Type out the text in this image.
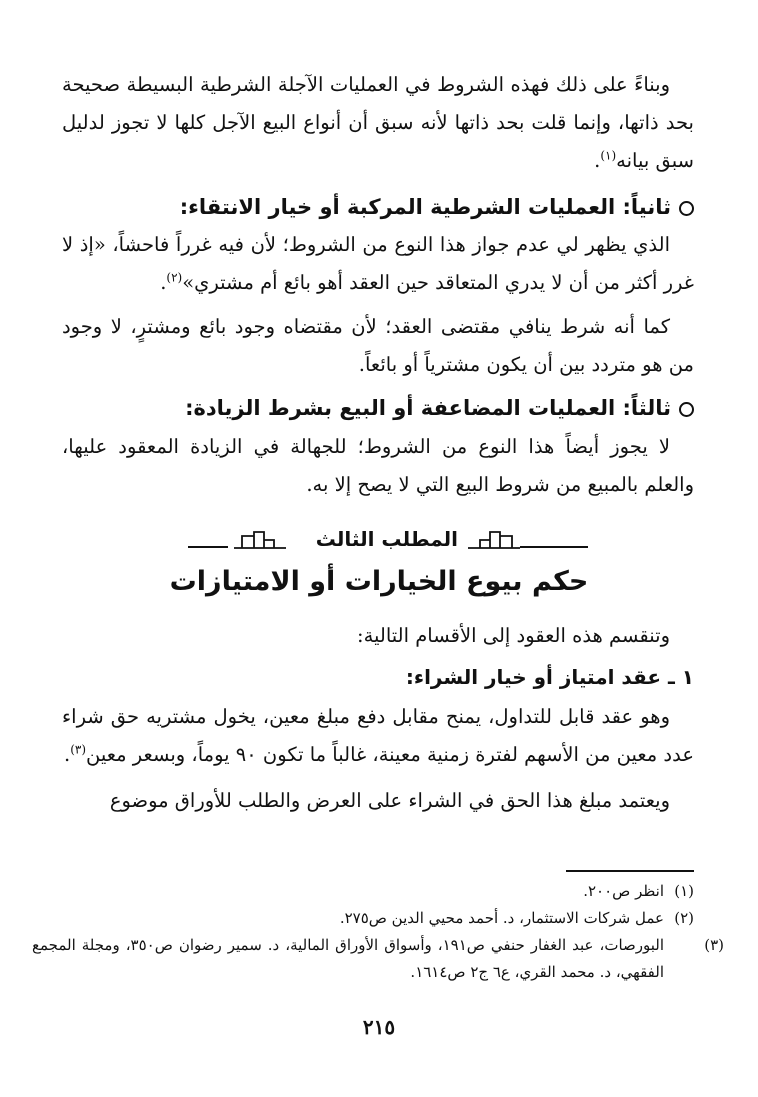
وبناءً على ذلك فهذه الشروط في العمليات الآجلة الشرطية البسيطة صحيحة بحد ذاتها، وإنما قلت بحد ذاتها لأنه سبق أن أنواع البيع الآجل كلها لا تجوز لدليل سبق بيانه$^{(١)}$.

ثانياً: العمليات الشرطية المركبة أو خيار الانتقاء:

الذي يظهر لي عدم جواز هذا النوع من الشروط؛ لأن فيه غرراً فاحشاً، «إذ لا غرر أكثر من أن لا يدري المتعاقد حين العقد أهو بائع أم مشتري»$^{(٢)}$.

كما أنه شرط ينافي مقتضى العقد؛ لأن مقتضاه وجود بائع ومشترٍ، لا وجود من هو متردد بين أن يكون مشترياً أو بائعاً.

ثالثاً: العمليات المضاعفة أو البيع بشرط الزيادة:

لا يجوز أيضاً هذا النوع من الشروط؛ للجهالة في الزيادة المعقود عليها، والعلم بالمبيع من شروط البيع التي لا يصح إلا به.

المطلب الثالث
حكم بيوع الخيارات أو الامتيازات

وتنقسم هذه العقود إلى الأقسام التالية:

١ ـ عقد امتياز أو خيار الشراء:

وهو عقد قابل للتداول، يمنح مقابل دفع مبلغ معين، يخول مشتريه حق شراء عدد معين من الأسهم لفترة زمنية معينة، غالباً ما تكون ٩٠ يوماً، وبسعر معين$^{(٣)}$.

ويعتمد مبلغ هذا الحق في الشراء على العرض والطلب للأوراق موضوع

(١)انظر ص٢٠٠.

(٢)عمل شركات الاستثمار، د. أحمد محيي الدين ص٢٧٥.

(٣)البورصات، عبد الغفار حنفي ص١٩١، وأسواق الأوراق المالية، د. سمير رضوان ص٣٥٠، ومجلة المجمع الفقهي، د. محمد القري، ع٦ ج٢ ص١٦١٤.

٢١٥
